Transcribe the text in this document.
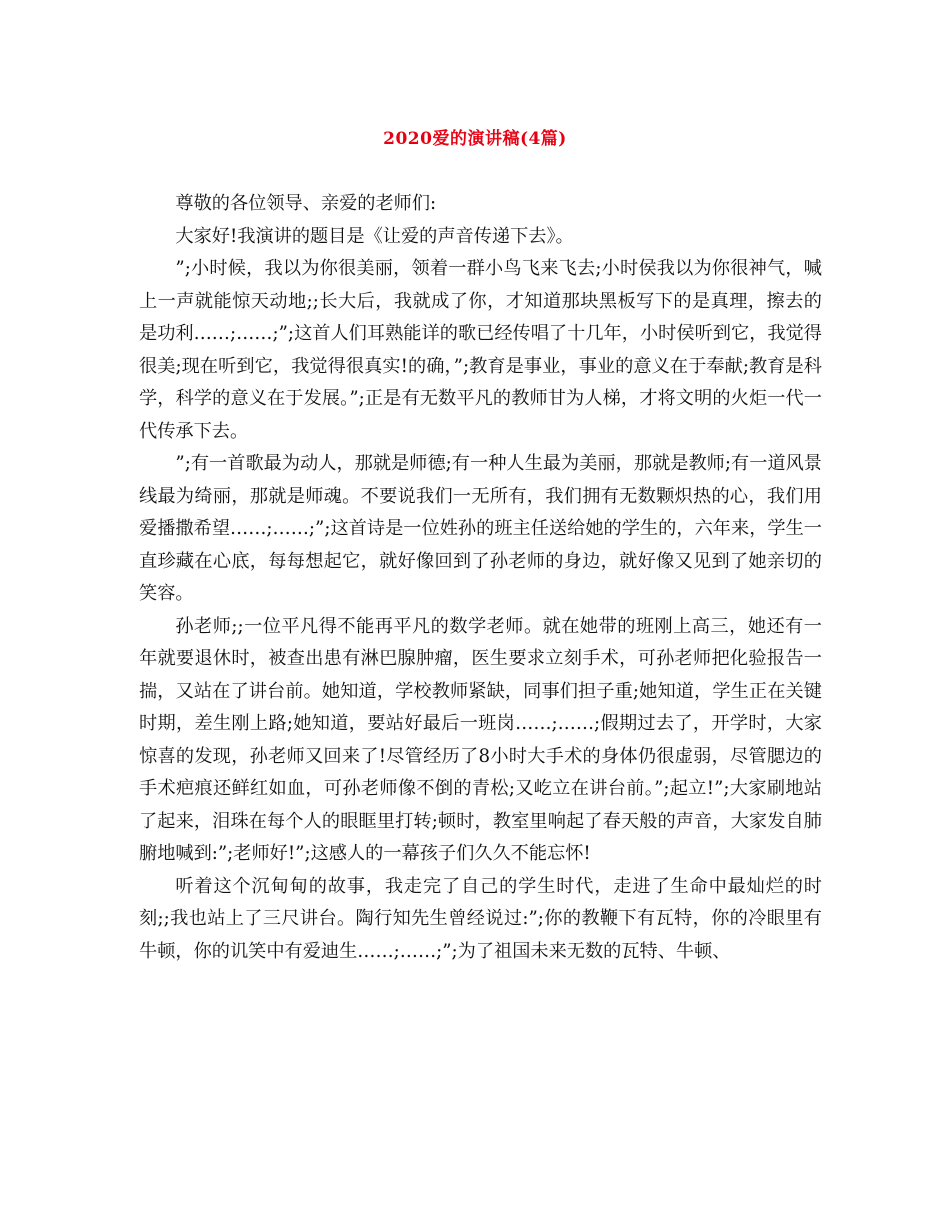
2020爱的演讲稿(4篇)

尊敬的各位领导、亲爱的老师们:

大家好!我演讲的题目是《让爱的声音传递下去》。

”;小时候，我以为你很美丽，领着一群小鸟飞来飞去;小时侯我以为你很神气，喊上一声就能惊天动地;;长大后，我就成了你，才知道那块黑板写下的是真理，擦去的是功利……;……;”;这首人们耳熟能详的歌已经传唱了十几年，小时侯听到它，我觉得很美;现在听到它，我觉得很真实!的确，”;教育是事业，事业的意义在于奉献;教育是科学，科学的意义在于发展。”;正是有无数平凡的教师甘为人梯，才将文明的火炬一代一代传承下去。

”;有一首歌最为动人，那就是师德;有一种人生最为美丽，那就是教师;有一道风景线最为绮丽，那就是师魂。不要说我们一无所有，我们拥有无数颗炽热的心，我们用爱播撒希望……;……;”;这首诗是一位姓孙的班主任送给她的学生的，六年来，学生一直珍藏在心底，每每想起它，就好像回到了孙老师的身边，就好像又见到了她亲切的笑容。

孙老师;;一位平凡得不能再平凡的数学老师。就在她带的班刚上高三，她还有一年就要退休时，被查出患有淋巴腺肿瘤，医生要求立刻手术，可孙老师把化验报告一揣，又站在了讲台前。她知道，学校教师紧缺，同事们担子重;她知道，学生正在关键时期，差生刚上路;她知道，要站好最后一班岗……;……;假期过去了，开学时，大家惊喜的发现，孙老师又回来了!尽管经历了8小时大手术的身体仍很虚弱，尽管腮边的手术疤痕还鲜红如血，可孙老师像不倒的青松;又屹立在讲台前。”;起立!”;大家刷地站了起来，泪珠在每个人的眼眶里打转;顿时，教室里响起了春天般的声音，大家发自肺腑地喊到:”;老师好!”;这感人的一幕孩子们久久不能忘怀!

听着这个沉甸甸的故事，我走完了自己的学生时代，走进了生命中最灿烂的时刻;;我也站上了三尺讲台。陶行知先生曾经说过:”;你的教鞭下有瓦特，你的冷眼里有牛顿，你的讥笑中有爱迪生……;……;”;为了祖国未来无数的瓦特、牛顿、
